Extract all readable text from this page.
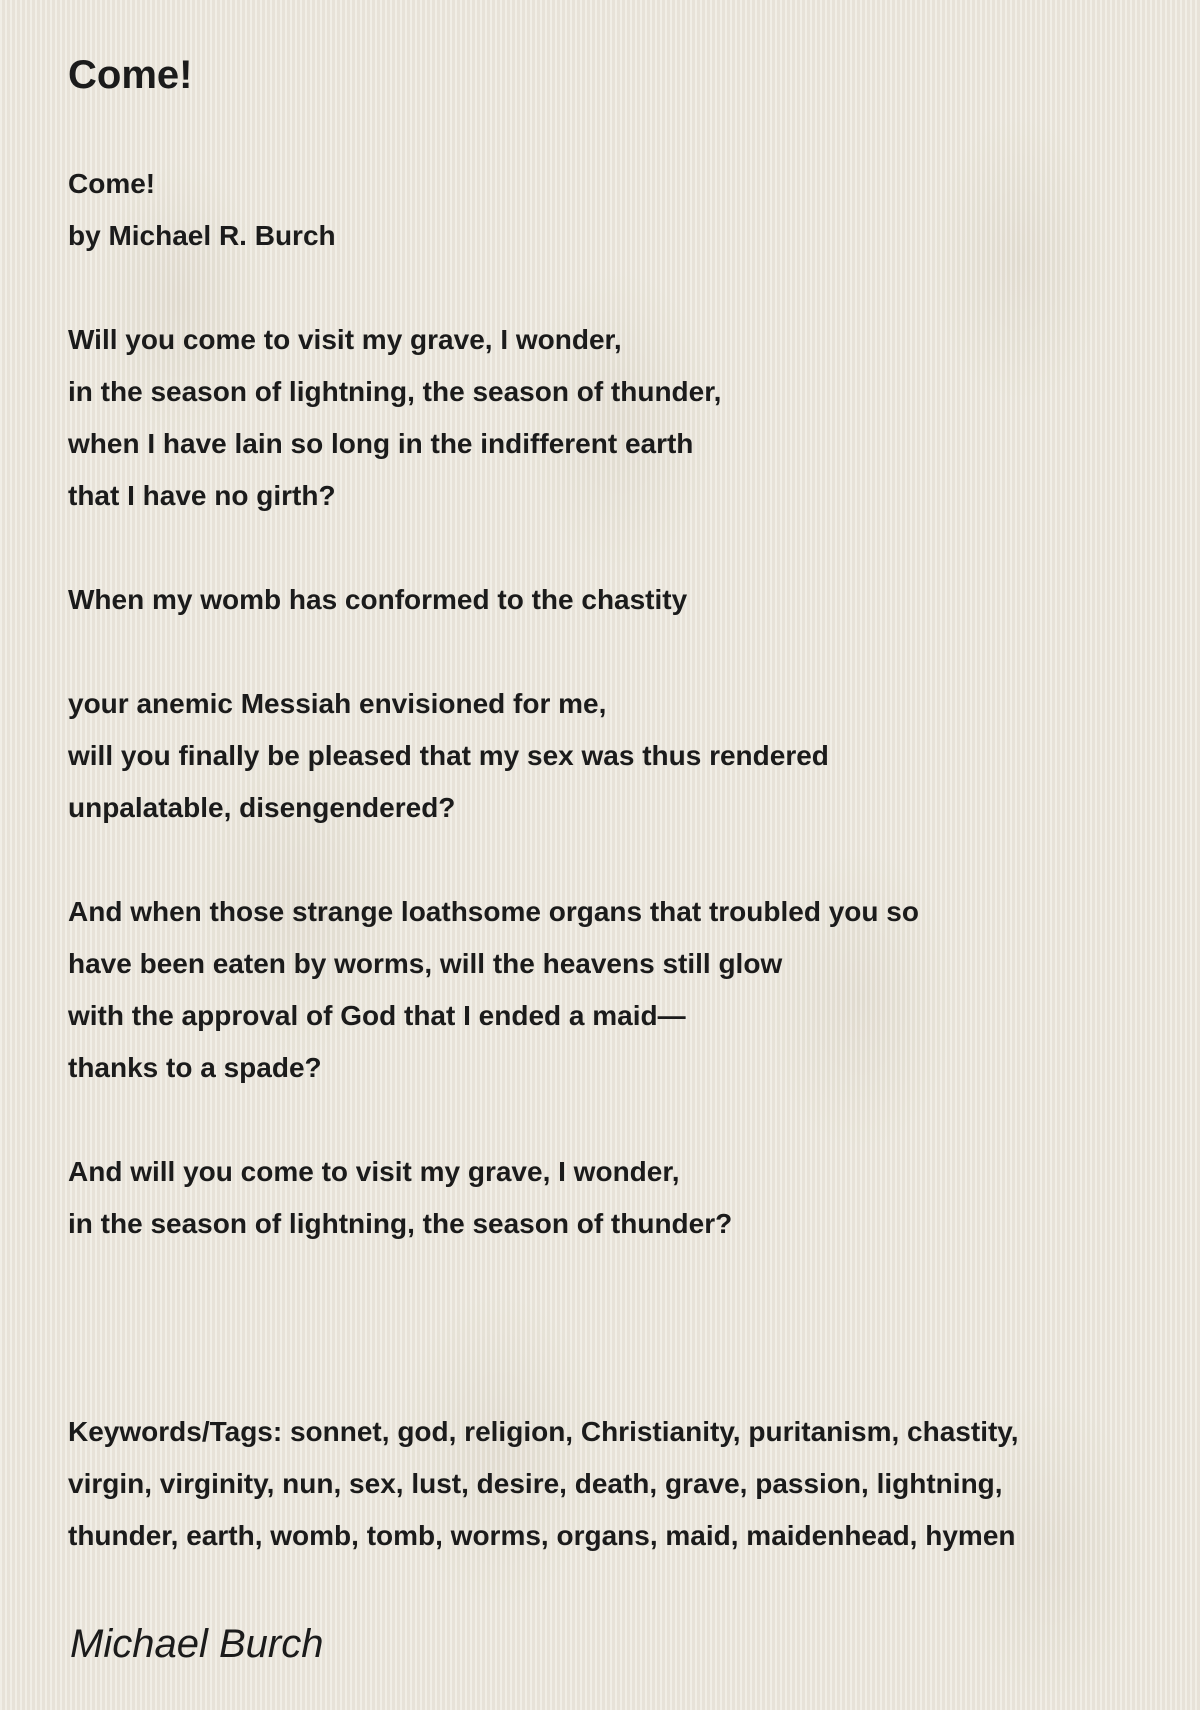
Come!
Come!
by Michael R. Burch
Will you come to visit my grave, I wonder,
in the season of lightning, the season of thunder,
when I have lain so long in the indifferent earth
that I have no girth?
When my womb has conformed to the chastity
your anemic Messiah envisioned for me,
will you finally be pleased that my sex was thus rendered
unpalatable, disengendered?
And when those strange loathsome organs that troubled you so
have been eaten by worms, will the heavens still glow
with the approval of God that I ended a maid—
thanks to a spade?
And will you come to visit my grave, I wonder,
in the season of lightning, the season of thunder?
Keywords/Tags: sonnet, god, religion, Christianity, puritanism, chastity, virgin, virginity, nun, sex, lust, desire, death, grave, passion, lightning, thunder, earth, womb, tomb, worms, organs, maid, maidenhead, hymen
Michael Burch
